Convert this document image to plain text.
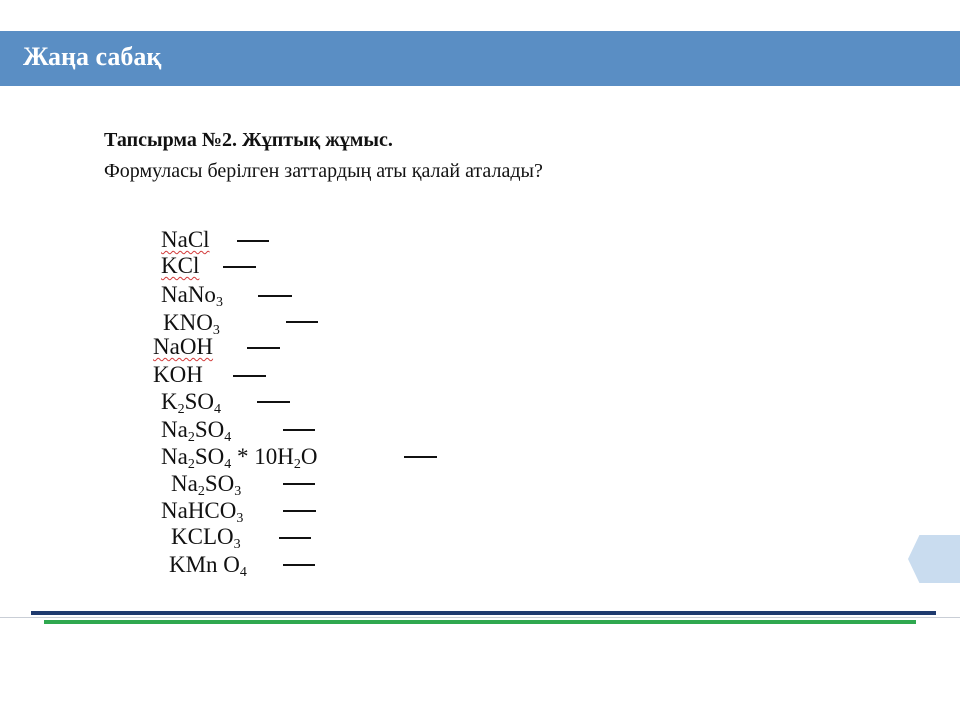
Жаңа сабақ
Тапсырма №2. Жұптық жұмыс.
Формуласы берілген заттардың аты қалай аталады?
NaCl
KCl
NaNo$_3$
$KNO_3$
NaOH
KOH
$K_2SO_4$
$Na_2SO_4$
$Na_2SO_4 * 10H_2O$
$Na_2SO_3$
NaHCO$_3$
$KCLO_3$
KMn $O_4$
